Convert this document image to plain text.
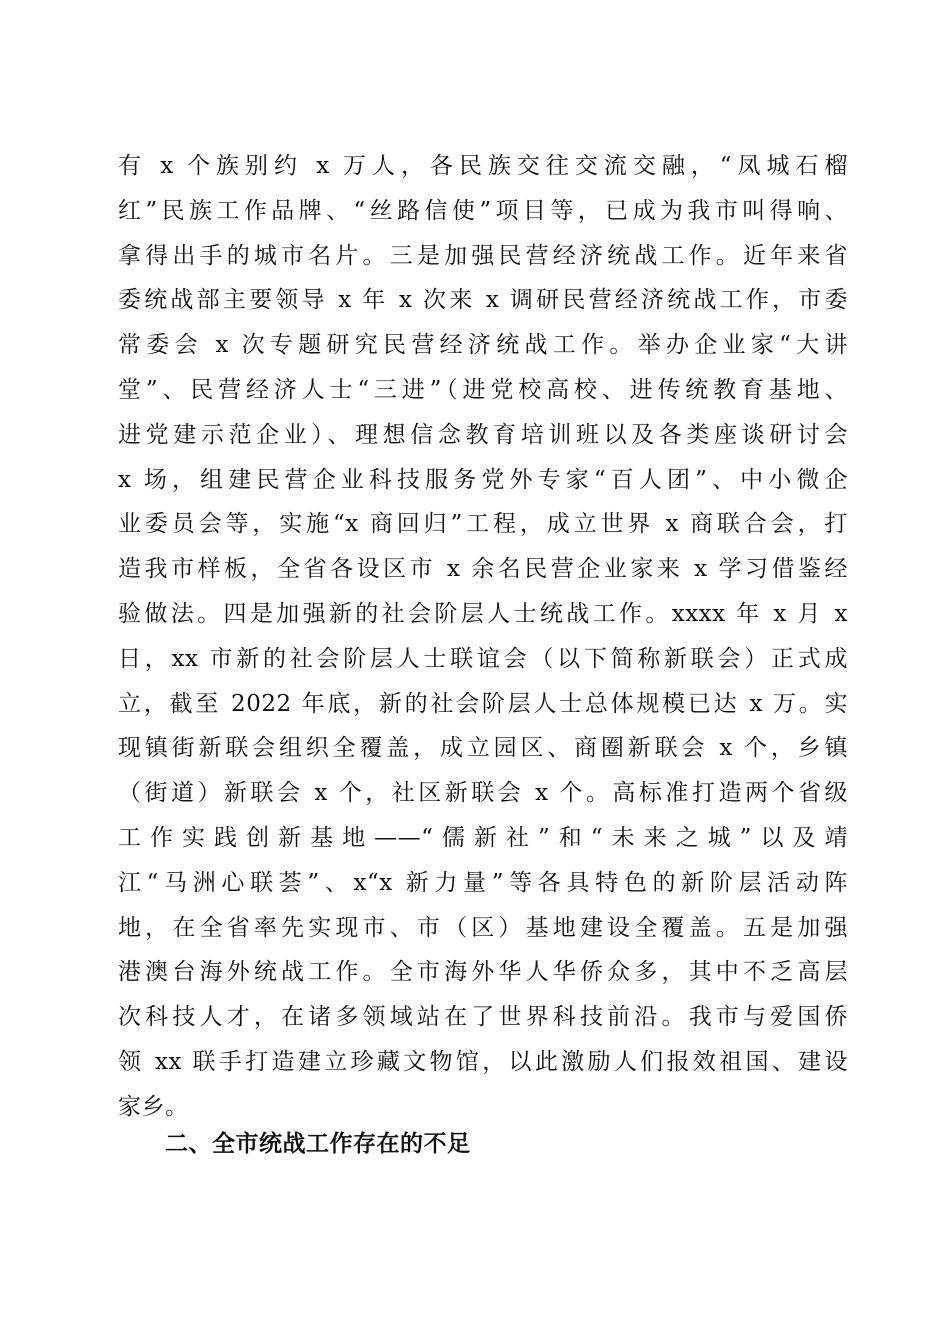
有 x 个族别约 x 万人，各民族交往交流交融，“凤城石榴
红”民族工作品牌、“丝路信使”项目等，已成为我市叫得响、
拿得出手的城市名片。三是加强民营经济统战工作。近年来省
委统战部主要领导 x 年 x 次来 x 调研民营经济统战工作，市委
常委会 x 次专题研究民营经济统战工作。举办企业家“大讲
堂”、民营经济人士“三进”（进党校高校、进传统教育基地、
进党建示范企业）、理想信念教育培训班以及各类座谈研讨会
x 场，组建民营企业科技服务党外专家“百人团”、中小微企
业委员会等，实施“x 商回归”工程，成立世界 x 商联合会，打
造我市样板，全省各设区市 x 余名民营企业家来 x 学习借鉴经
验做法。四是加强新的社会阶层人士统战工作。xxxx 年 x 月 x
日，xx 市新的社会阶层人士联谊会（以下简称新联会）正式成
立，截至 2022 年底，新的社会阶层人士总体规模已达 x 万。实
现镇街新联会组织全覆盖，成立园区、商圈新联会 x 个，乡镇
（街道）新联会 x 个，社区新联会 x 个。高标准打造两个省级
工作实践创新基地——“儒新社”和“未来之城”以及靖
江“马洲心联荟”、x“x 新力量”等各具特色的新阶层活动阵
地，在全省率先实现市、市（区）基地建设全覆盖。五是加强
港澳台海外统战工作。全市海外华人华侨众多，其中不乏高层
次科技人才，在诸多领域站在了世界科技前沿。我市与爱国侨
领 xx 联手打造建立珍藏文物馆，以此激励人们报效祖国、建设
家乡。
二、全市统战工作存在的不足
